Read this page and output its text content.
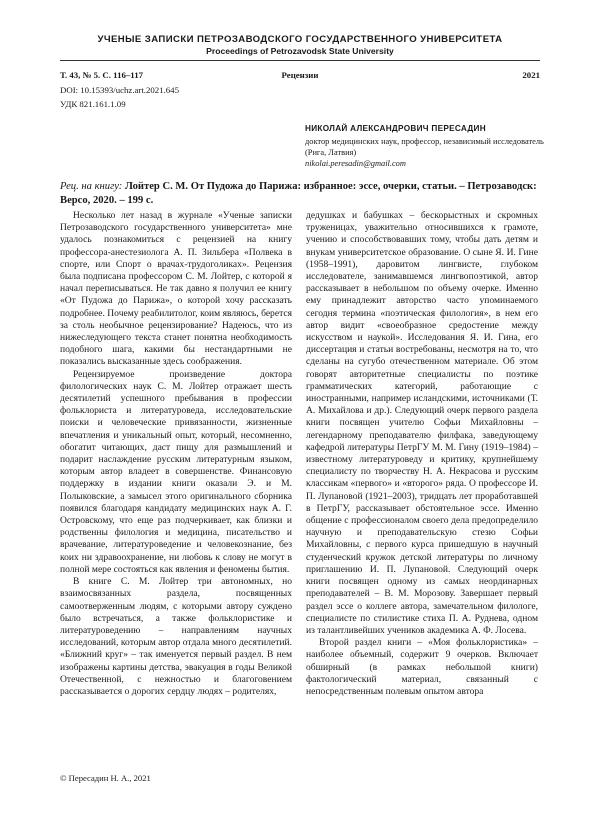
УЧЕНЫЕ ЗАПИСКИ ПЕТРОЗАВОДСКОГО ГОСУДАРСТВЕННОГО УНИВЕРСИТЕТА
Proceedings of Petrozavodsk State University
Т. 43, № 5. С. 116–117	Рецензии	2021
DOI: 10.15393/uchz.art.2021.645
УДК 821.161.1.09
НИКОЛАЙ АЛЕКСАНДРОВИЧ ПЕРЕСАДИН
доктор медицинских наук, профессор, независимый исследователь
(Рига, Латвия)
nikolai.peresadin@gmail.com
Рец. на книгу: Лойтер С. М. От Пудожа до Парижа: избранное: эссе, очерки, статьи. – Петрозаводск: Версо, 2020. – 199 с.

Несколько лет назад в журнале «Ученые записки Петрозаводского государственного университета» мне удалось познакомиться с рецензией на книгу профессора-анестезиолога А. П. Зильбера «Полвека в спорте, или Спорт о врачах-трудоголиках». Рецензия была подписана профессором С. М. Лойтер, с которой я начал переписываться. Не так давно я получил ее книгу «От Пудожа до Парижа», о которой хочу рассказать подробнее. Почему реабилитолог, коим являюсь, берется за столь необычное рецензирование? Надеюсь, что из нижеследующего текста станет понятна необходимость подобного шага, какими бы нестандартными не показались высказанные здесь соображения.

Рецензируемое произведение доктора филологических наук С. М. Лойтер отражает шесть десятилетий успешного пребывания в профессии фольклориста и литературоведа, исследовательские поиски и человеческие привязанности, жизненные впечатления и уникальный опыт, который, несомненно, обогатит читающих, даст пищу для размышлений и подарит наслаждение русским литературным языком, которым автор владеет в совершенстве. Финансовую поддержку в издании книги оказали Э. и М. Полыковские, а замысел этого оригинального сборника появился благодаря кандидату медицинских наук А. Г. Островскому, что еще раз подчеркивает, как близки и родственны филология и медицина, писательство и врачевание, литературоведение и человекознание, без коих ни здравоохранение, ни любовь к слову не могут в полной мере состояться как явления и феномены бытия.

В книге С. М. Лойтер три автономных, но взаимосвязанных раздела, посвященных самоотверженным людям, с которыми автору суждено было встречаться, а также фольклористике и литературоведению – направлениям научных исследований, которым автор отдала много десятилетий. «Ближний круг» – так именуется первый раздел. В нем изображены картины детства, эвакуация в годы Великой Отечественной, с нежностью и благоговением рассказывается о дорогих сердцу людях – родителях,

дедушках и бабушках – бескорыстных и скромных труженицах, уважительно относившихся к грамоте, учению и способствовавших тому, чтобы дать детям и внукам университетское образование. О сыне Я. И. Гине (1958–1991), даровитом лингвисте, глубоком исследователе, занимавшемся лингвопоэтикой, автор рассказывает в небольшом по объему очерке. Именно ему принадлежит авторство часто упоминаемого сегодня термина «поэтическая филология», в нем его автор видит «своеобразное средостение между искусством и наукой». Исследования Я. И. Гина, его диссертация и статьи востребованы, несмотря на то, что сделаны на сугубо отечественном материале. Об этом говорят авторитетные специалисты по поэтике грамматических категорий, работающие с иностранными, например исландскими, источниками (Т. А. Михайлова и др.). Следующий очерк первого раздела книги посвящен учителю Софьи Михайловны – легендарному преподавателю филфака, заведующему кафедрой литературы ПетрГУ М. М. Гину (1919–1984) – известному литературоведу и критику, крупнейшему специалисту по творчеству Н. А. Некрасова и русским классикам «первого» и «второго» ряда. О профессоре И. П. Лупановой (1921–2003), тридцать лет проработавшей в ПетрГУ, рассказывает обстоятельное эссе. Именно общение с профессионалом своего дела предопределило научную и преподавательскую стезю Софьи Михайловны, с первого курса пришедшую в научный студенческий кружок детской литературы по личному приглашению И. П. Лупановой. Следующий очерк книги посвящен одному из самых неординарных преподавателей – В. М. Морозову. Завершает первый раздел эссе о коллеге автора, замечательном филологе, специалисте по стилистике стиха П. А. Руднева, одном из талантливейших учеников академика А. Ф. Лосева.

Второй раздел книги – «Моя фольклористика» – наиболее объемный, содержит 9 очерков. Включает обширный (в рамках небольшой книги) фактологический материал, связанный с непосредственным полевым опытом автора

© Пересадин Н. А., 2021
